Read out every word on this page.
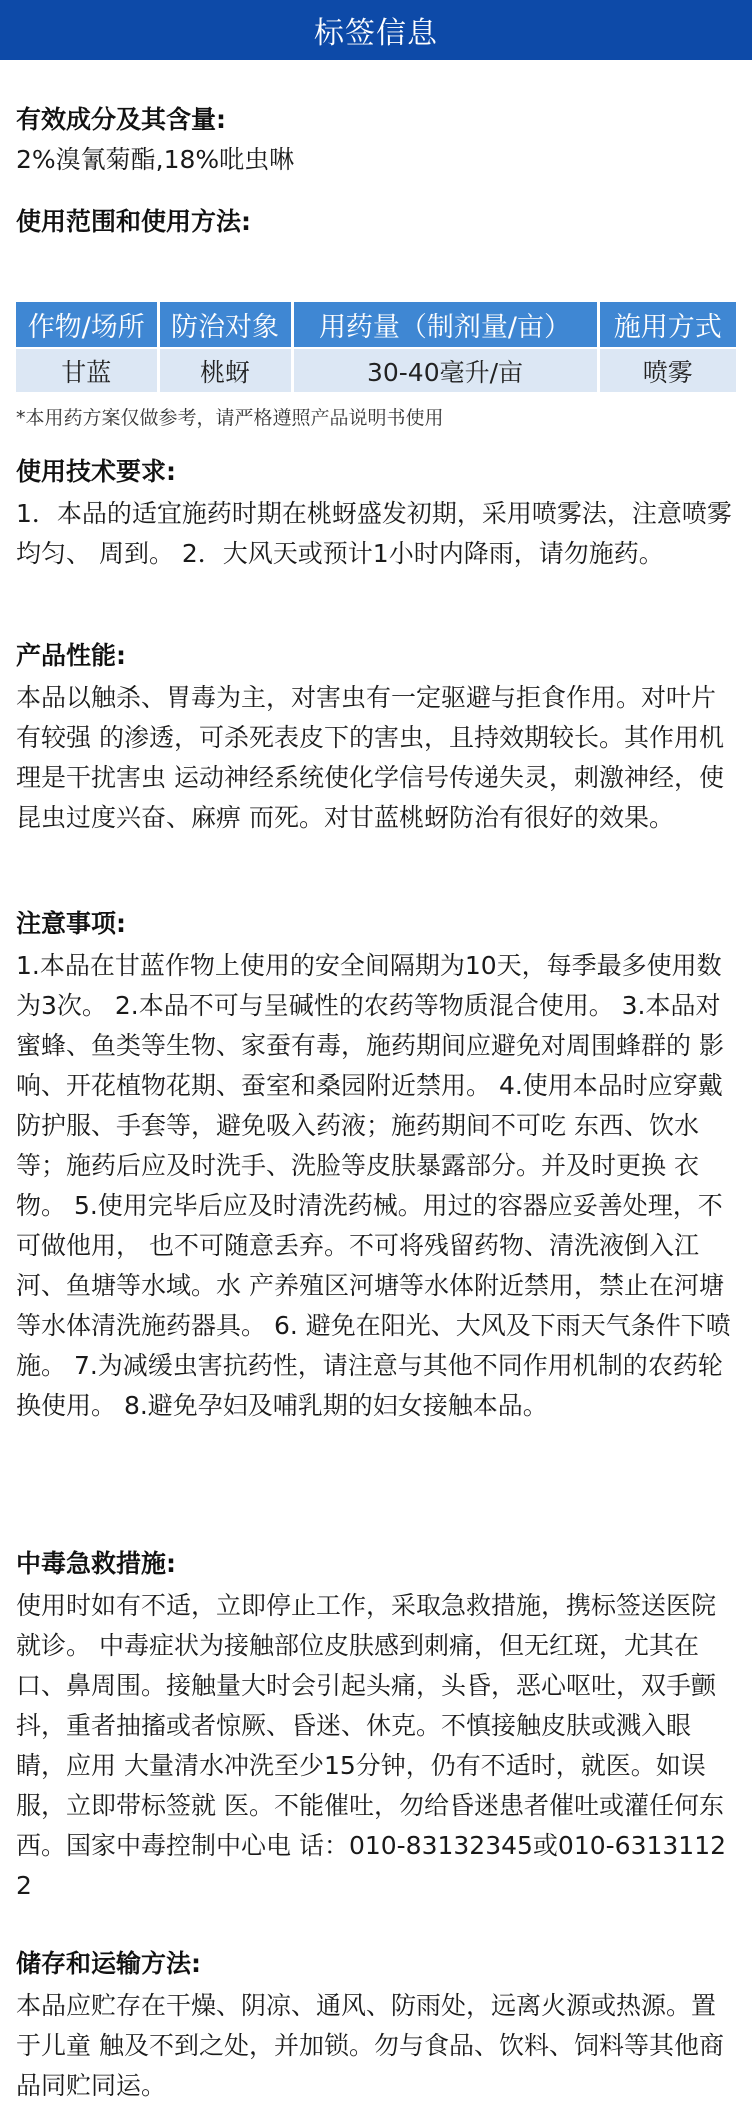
标签信息
有效成分及其含量:
2%溴氰菊酯,18%吡虫啉
使用范围和使用方法:
作物/场所	防治对象	用药量（制剂量/亩）	施用方式
甘蓝	桃蚜	30-40毫升/亩	喷雾
*本用药方案仅做参考，请严格遵照产品说明书使用
使用技术要求:
1．本品的适宜施药时期在桃蚜盛发初期，采用喷雾法，注意喷雾均匀、 周到。 2．大风天或预计1小时内降雨，请勿施药。
产品性能:
本品以触杀、胃毒为主，对害虫有一定驱避与拒食作用。对叶片有较强 的渗透，可杀死表皮下的害虫，且持效期较长。其作用机理是干扰害虫 运动神经系统使化学信号传递失灵，刺激神经，使昆虫过度兴奋、麻痹 而死。对甘蓝桃蚜防治有很好的效果。
注意事项:
1.本品在甘蓝作物上使用的安全间隔期为10天，每季最多使用数为3次。 2.本品不可与呈碱性的农药等物质混合使用。 3.本品对蜜蜂、鱼类等生物、家蚕有毒，施药期间应避免对周围蜂群的 影响、开花植物花期、蚕室和桑园附近禁用。 4.使用本品时应穿戴防护服、手套等，避免吸入药液；施药期间不可吃 东西、饮水等；施药后应及时洗手、洗脸等皮肤暴露部分。并及时更换 衣物。 5.使用完毕后应及时清洗药械。用过的容器应妥善处理，不可做他用， 也不可随意丢弃。不可将残留药物、清洗液倒入江河、鱼塘等水域。水 产养殖区河塘等水体附近禁用，禁止在河塘等水体清洗施药器具。 6. 避免在阳光、大风及下雨天气条件下喷施。 7.为减缓虫害抗药性，请注意与其他不同作用机制的农药轮换使用。 8.避免孕妇及哺乳期的妇女接触本品。
中毒急救措施:
使用时如有不适，立即停止工作，采取急救措施，携标签送医院就诊。 中毒症状为接触部位皮肤感到刺痛，但无红斑，尤其在口、鼻周围。接触量大时会引起头痛，头昏，恶心呕吐，双手颤 抖，重者抽搐或者惊厥、昏迷、休克。不慎接触皮肤或溅入眼睛，应用 大量清水冲洗至少15分钟，仍有不适时，就医。如误服，立即带标签就 医。不能催吐，勿给昏迷患者催吐或灌任何东西。国家中毒控制中心电 话：010-83132345或010-63131122
储存和运输方法:
本品应贮存在干燥、阴凉、通风、防雨处，远离火源或热源。置于儿童 触及不到之处，并加锁。勿与食品、饮料、饲料等其他商品同贮同运。
